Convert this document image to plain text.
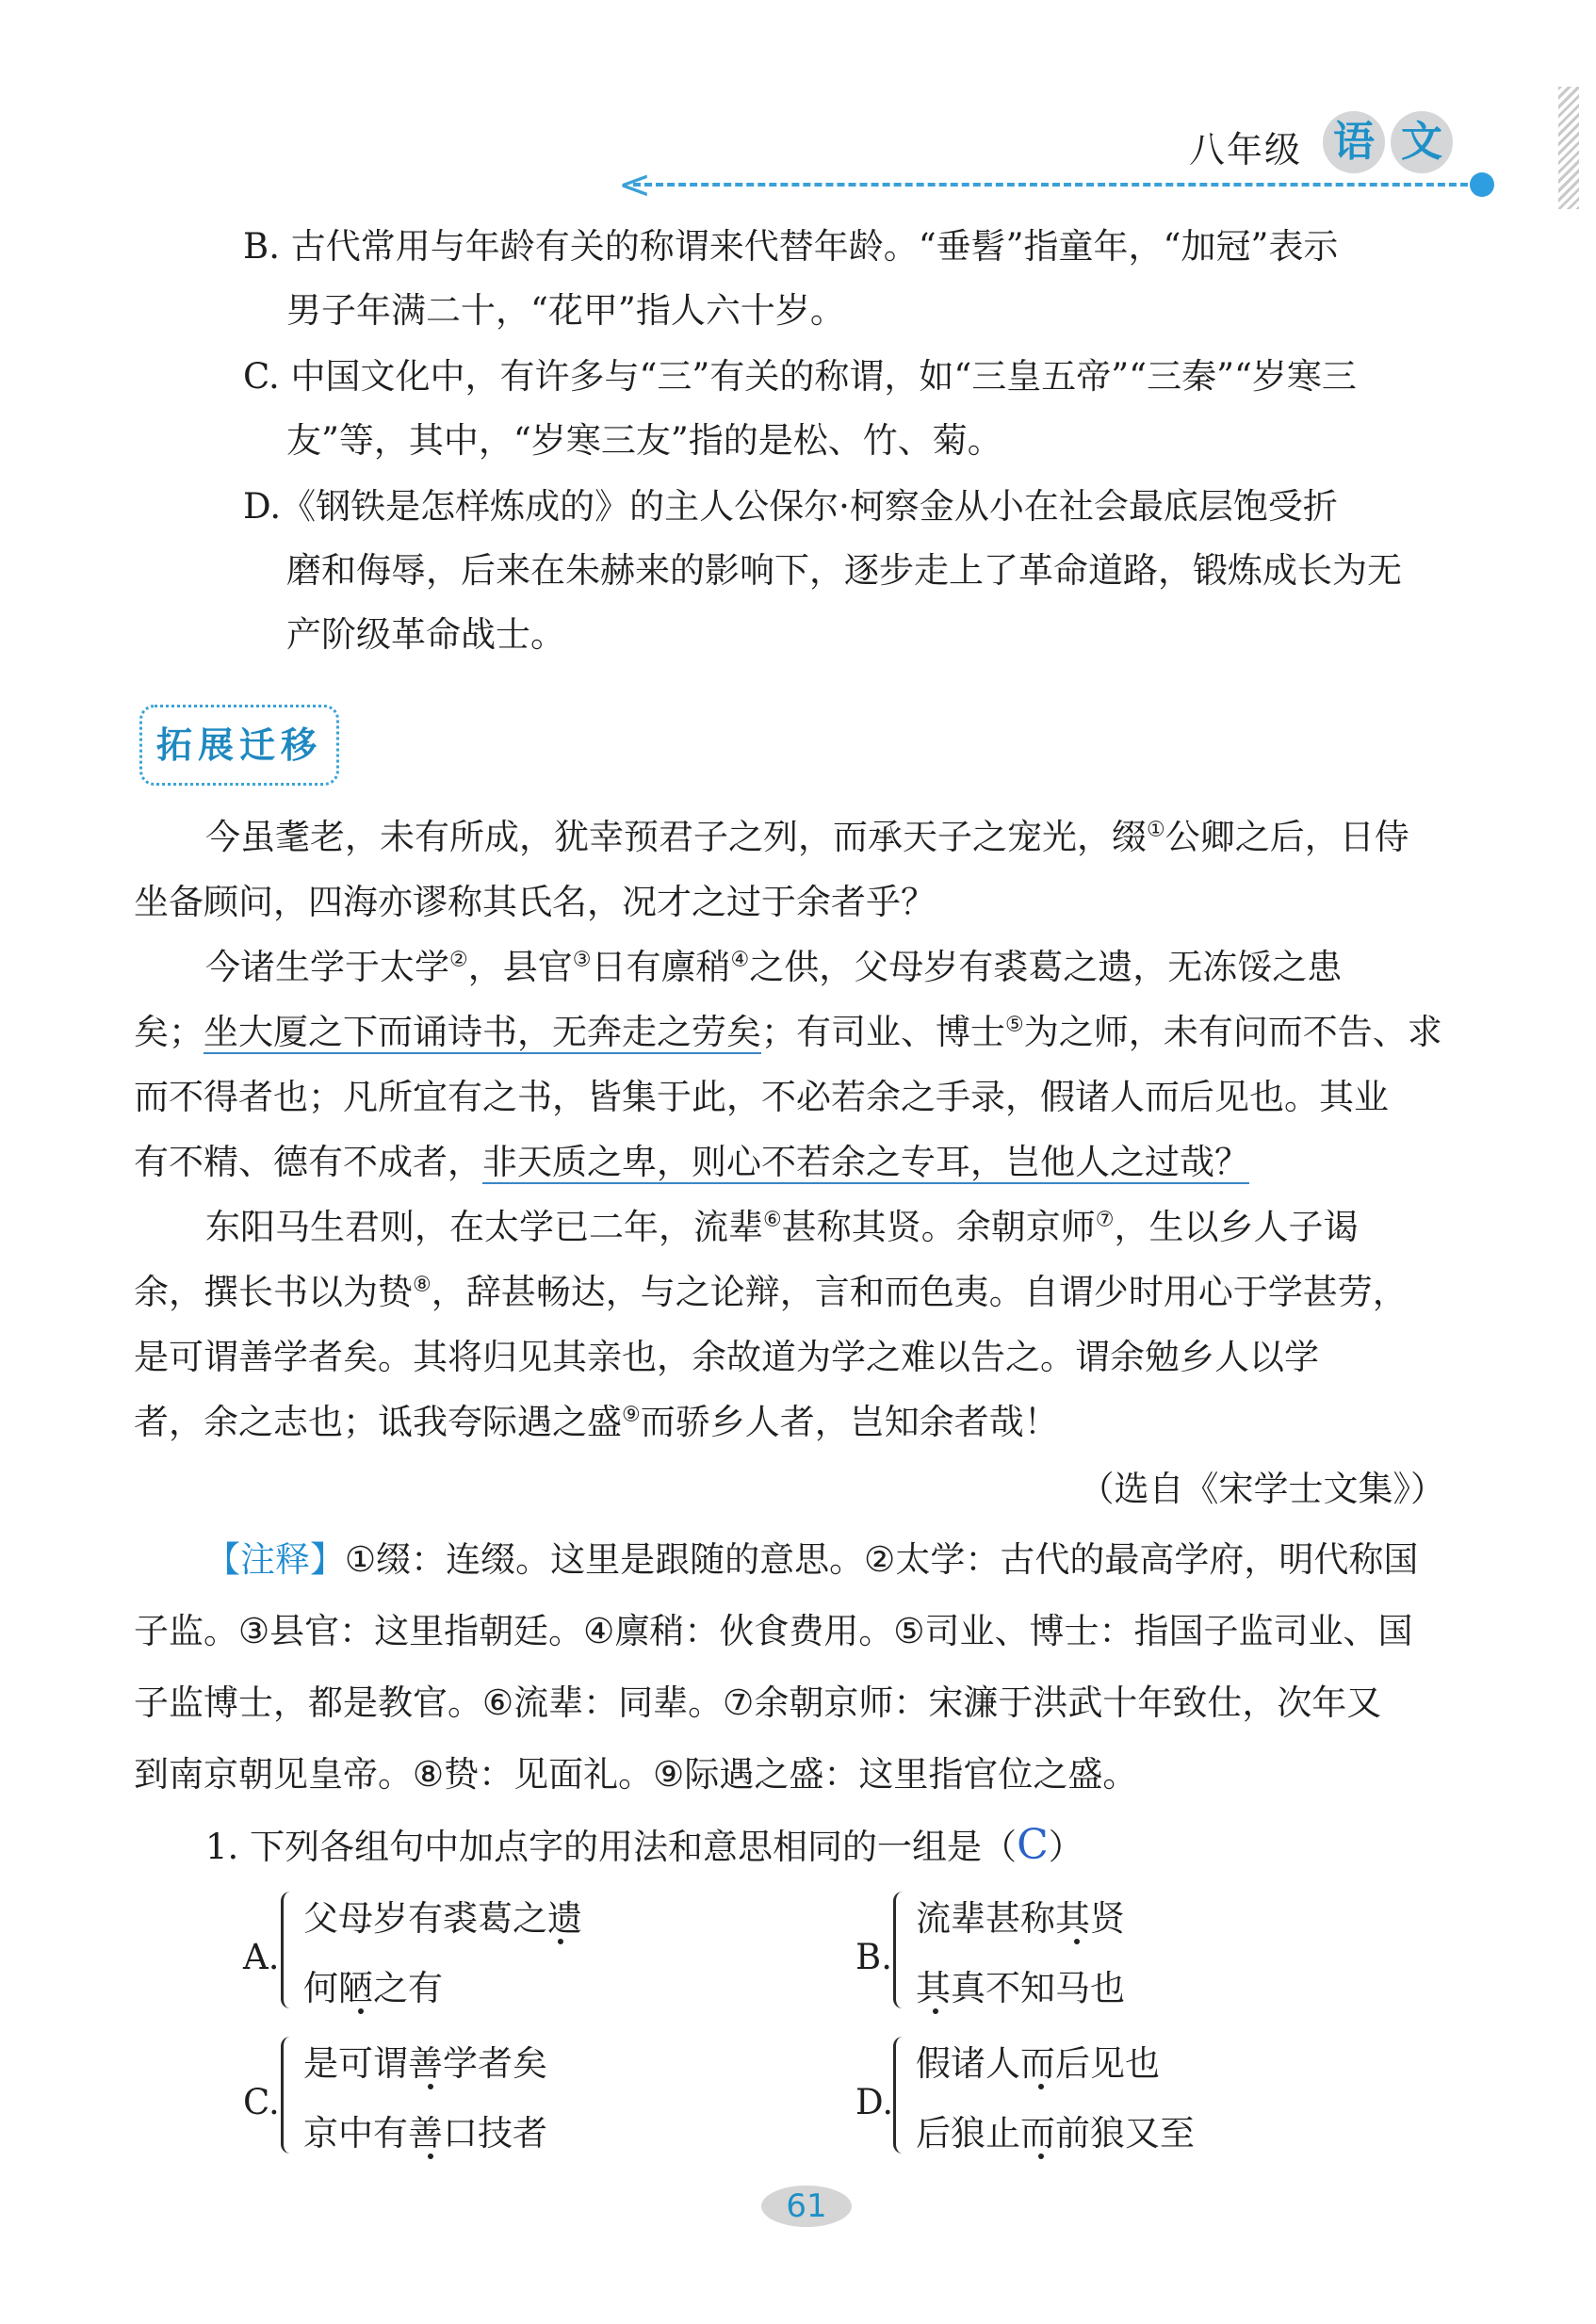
八年级 语 文
<
B. 古代常用与年龄有关的称谓来代替年龄。“垂髫”指童年，“加冠”表示
男子年满二十，“花甲”指人六十岁。
C. 中国文化中，有许多与“三”有关的称谓，如“三皇五帝”“三秦”“岁寒三
友”等，其中，“岁寒三友”指的是松、竹、菊。
D.《钢铁是怎样炼成的》的主人公保尔·柯察金从小在社会最底层饱受折
磨和侮辱，后来在朱赫来的影响下，逐步走上了革命道路，锻炼成长为无
产阶级革命战士。
拓展迁移
今虽耄老，未有所成，犹幸预君子之列，而承天子之宠光，缀①公卿之后，日侍
坐备顾问，四海亦谬称其氏名，况才之过于余者乎？
今诸生学于太学②，县官③日有廪稍④之供，父母岁有裘葛之遗，无冻馁之患
矣；坐大厦之下而诵诗书，无奔走之劳矣；有司业、博士⑤为之师，未有问而不告、求
而不得者也；凡所宜有之书，皆集于此，不必若余之手录，假诸人而后见也。其业
有不精、德有不成者，非天质之卑，则心不若余之专耳，岂他人之过哉？
东阳马生君则，在太学已二年，流辈⑥甚称其贤。余朝京师⑦，生以乡人子谒
余，撰长书以为贽⑧，辞甚畅达，与之论辩，言和而色夷。自谓少时用心于学甚劳，
是可谓善学者矣。其将归见其亲也，余故道为学之难以告之。谓余勉乡人以学
者，余之志也；诋我夸际遇之盛⑨而骄乡人者，岂知余者哉！
（选自《宋学士文集》）
【注释】①缀：连缀。这里是跟随的意思。②太学：古代的最高学府，明代称国
子监。③县官：这里指朝廷。④廪稍：伙食费用。⑤司业、博士：指国子监司业、国
子监博士，都是教官。⑥流辈：同辈。⑦余朝京师：宋濂于洪武十年致仕，次年又
到南京朝见皇帝。⑧贽：见面礼。⑨际遇之盛：这里指官位之盛。
1. 下列各组句中加点字的用法和意思相同的一组是（C）
A.
父母岁有裘葛之遗
何陋之有
B.
流辈甚称其贤
其真不知马也
C.
是可谓善学者矣
京中有善口技者
D.
假诸人而后见也
后狼止而前狼又至
61
